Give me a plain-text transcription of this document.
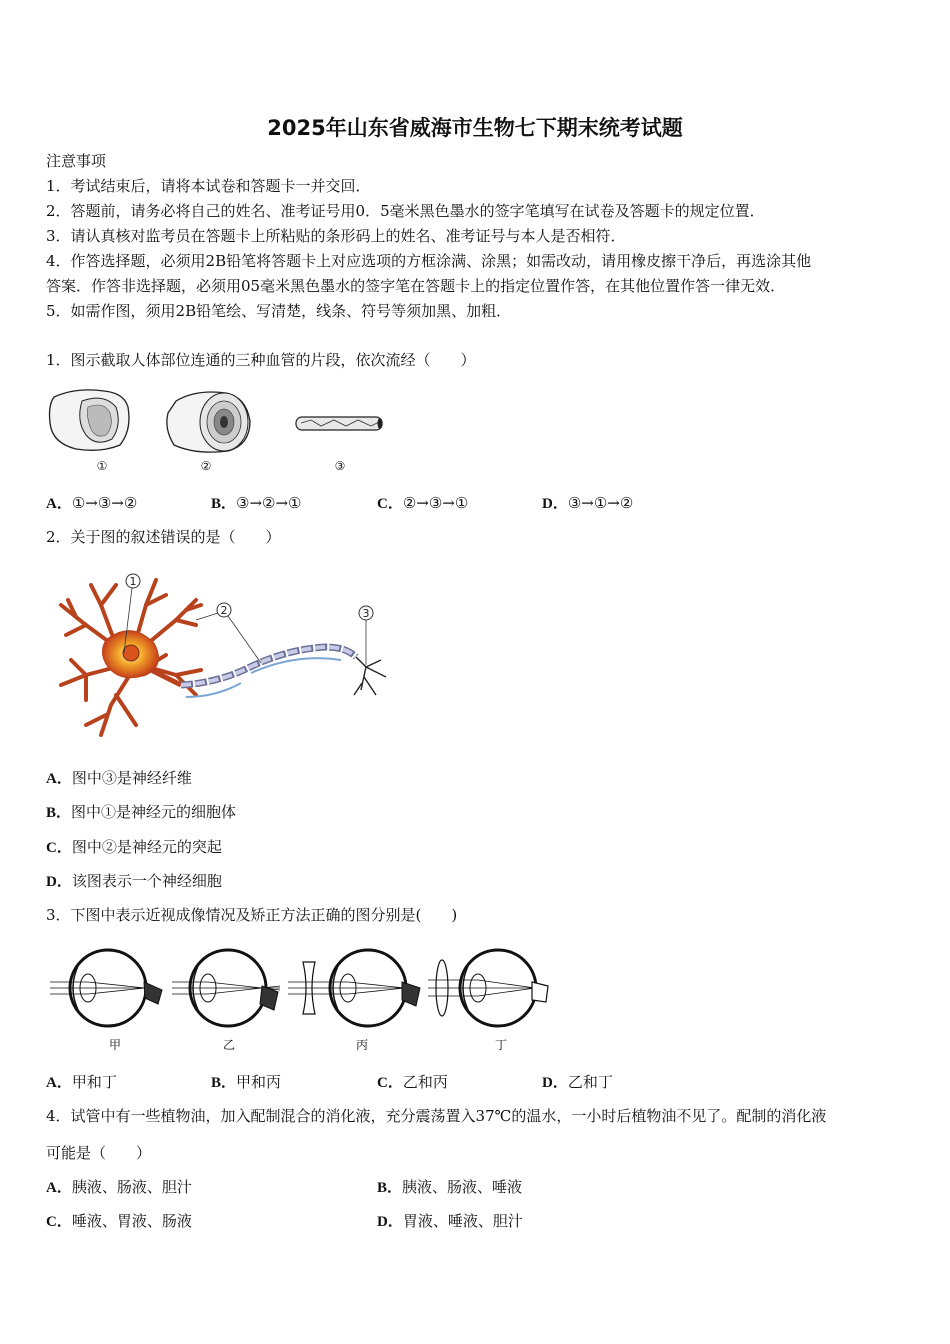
2025年山东省威海市生物七下期末统考试题
注意事项
1．考试结束后，请将本试卷和答题卡一并交回．
2．答题前，请务必将自己的姓名、准考证号用0．5毫米黑色墨水的签字笔填写在试卷及答题卡的规定位置．
3．请认真核对监考员在答题卡上所粘贴的条形码上的姓名、准考证号与本人是否相符．
4．作答选择题，必须用2B铅笔将答题卡上对应选项的方框涂满、涂黑；如需改动，请用橡皮擦干净后，再选涂其他
答案．作答非选择题，必须用05毫米黑色墨水的签字笔在答题卡上的指定位置作答，在其他位置作答一律无效．
5．如需作图，须用2B铅笔绘、写清楚，线条、符号等须加黑、加粗．
1．图示截取人体部位连通的三种血管的片段，依次流经（　　）
①	②	③
A．①→③→②	B．③→②→①	C．②→③→①	D．③→①→②
2．关于图的叙述错误的是（　　）
1
2	3
A．图中③是神经纤维
B．图中①是神经元的细胞体
C．图中②是神经元的突起
D．该图表示一个神经细胞
3．下图中表示近视成像情况及矫正方法正确的图分别是(　　)
甲	乙	丙	丁
A．甲和丁	B．甲和丙	C．乙和丙	D．乙和丁
4．试管中有一些植物油，加入配制混合的消化液，充分震荡置入37℃的温水，一小时后植物油不见了。配制的消化液
可能是（　　）
A．胰液、肠液、胆汁	B．胰液、肠液、唾液
C．唾液、胃液、肠液	D．胃液、唾液、胆汁
